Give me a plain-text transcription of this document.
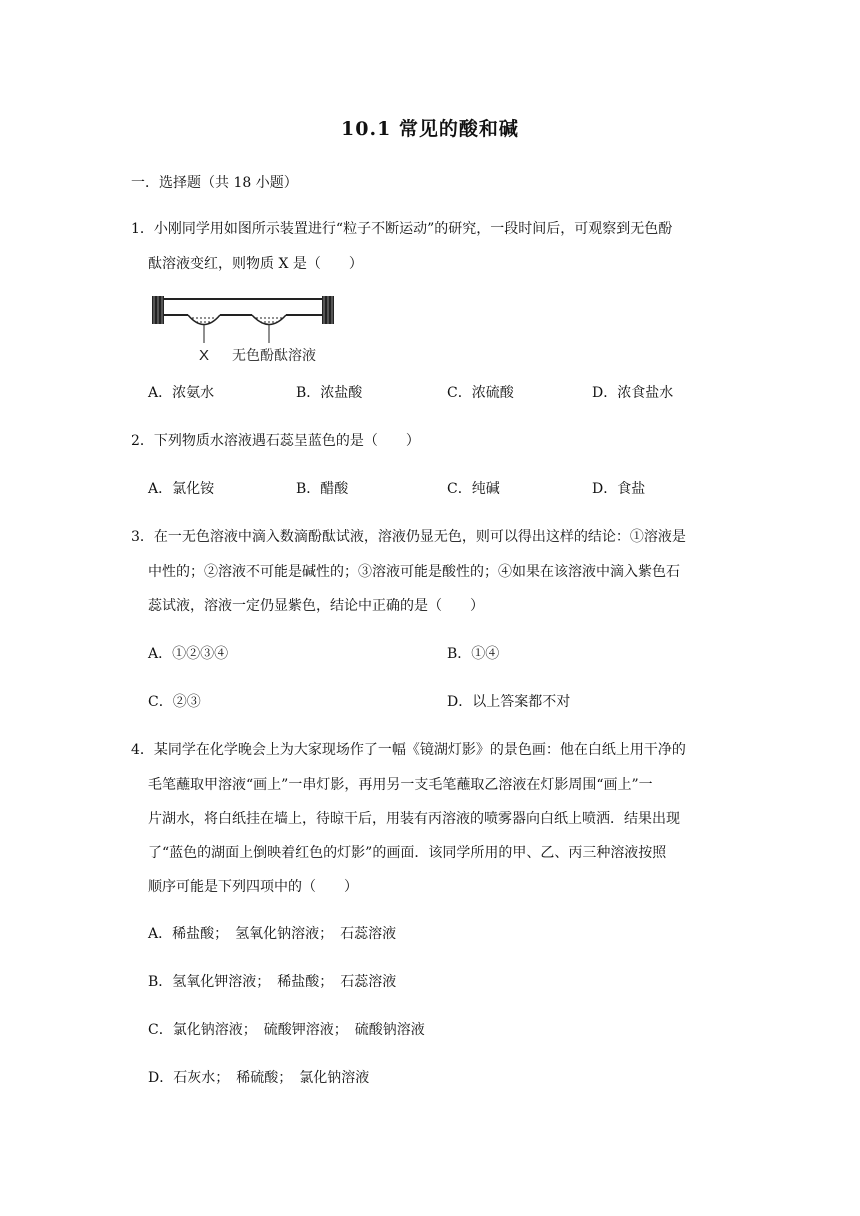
10.1 常见的酸和碱
一．选择题（共 18 小题）
1．小刚同学用如图所示装置进行“粒子不断运动”的研究，一段时间后，可观察到无色酚
酞溶液变红，则物质 X 是（　　）
X 无色酚酞溶液
A．浓氨水	B．浓盐酸	C．浓硫酸	D．浓食盐水
2．下列物质水溶液遇石蕊呈蓝色的是（　　）
A．氯化铵	B．醋酸	C．纯碱	D．食盐
3．在一无色溶液中滴入数滴酚酞试液，溶液仍显无色，则可以得出这样的结论：①溶液是
中性的；②溶液不可能是碱性的；③溶液可能是酸性的；④如果在该溶液中滴入紫色石
蕊试液，溶液一定仍显紫色，结论中正确的是（　　）
A．①②③④	B．①④
C．②③	D．以上答案都不对
4．某同学在化学晚会上为大家现场作了一幅《镜湖灯影》的景色画：他在白纸上用干净的
毛笔蘸取甲溶液“画上”一串灯影，再用另一支毛笔蘸取乙溶液在灯影周围“画上”一
片湖水，将白纸挂在墙上，待晾干后，用装有丙溶液的喷雾器向白纸上喷洒．结果出现
了“蓝色的湖面上倒映着红色的灯影”的画面．该同学所用的甲、乙、丙三种溶液按照
顺序可能是下列四项中的（　　）
A．稀盐酸；　氢氧化钠溶液；　石蕊溶液
B．氢氧化钾溶液；　稀盐酸；　石蕊溶液
C．氯化钠溶液；　硫酸钾溶液；　硫酸钠溶液
D．石灰水；　稀硫酸；　氯化钠溶液
